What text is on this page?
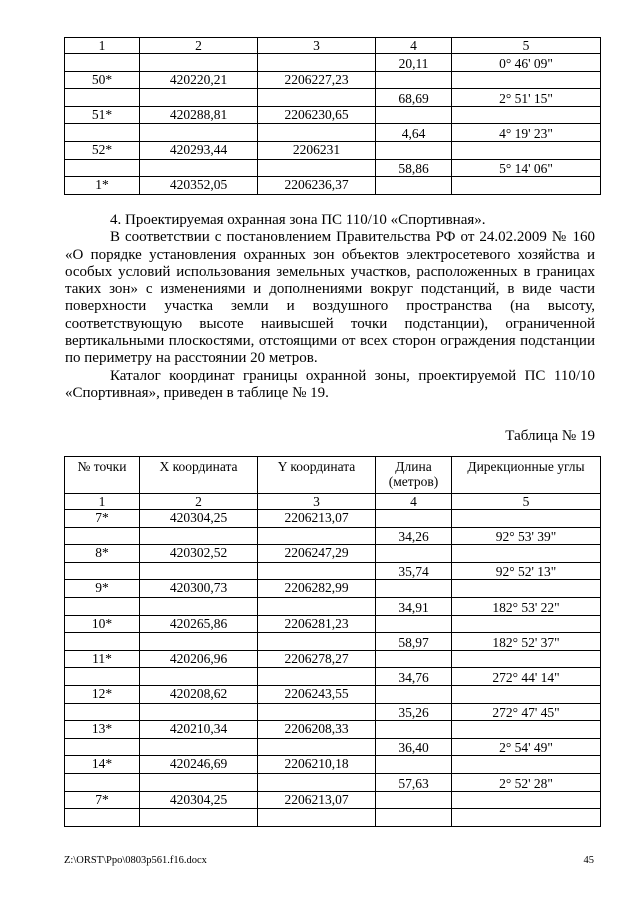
1	2	3	4	5
			20,11	0° 46' 09"
50*	420220,21	2206227,23		
			68,69	2° 51' 15"
51*	420288,81	2206230,65		
			4,64	4° 19' 23"
52*	420293,44	2206231		
			58,86	5° 14' 06"
1*	420352,05	2206236,37		

4. Проектируемая охранная зона ПС 110/10 «Спортивная».

В соответствии с постановлением Правительства РФ от 24.02.2009 № 160 «О порядке установления охранных зон объектов электросетевого хозяйства и особых условий использования земельных участков, расположенных в границах таких зон» с изменениями и дополнениями вокруг подстанций, в виде части поверхности участка земли и воздушного пространства (на высоту, соответствующую высоте наивысшей точки подстанции), ограниченной вертикальными плоскостями, отстоящими от всех сторон ограждения подстанции по периметру на расстоянии 20 метров.

Каталог координат границы охранной зоны, проектируемой ПС 110/10 «Спортивная», приведен в таблице № 19.

Таблица № 19
№ точки	X координата	Y координата	Длина (метров)	Дирекционные углы
1	2	3	4	5
7*	420304,25	2206213,07		
			34,26	92° 53' 39"
8*	420302,52	2206247,29		
			35,74	92° 52' 13"
9*	420300,73	2206282,99		
			34,91	182° 53' 22"
10*	420265,86	2206281,23		
			58,97	182° 52' 37"
11*	420206,96	2206278,27		
			34,76	272° 44' 14"
12*	420208,62	2206243,55		
			35,26	272° 47' 45"
13*	420210,34	2206208,33		
			36,40	2° 54' 49"
14*	420246,69	2206210,18		
			57,63	2° 52' 28"
7*	420304,25	2206213,07		

Z:\ORST\Ppo\0803p561.f16.docx	45
